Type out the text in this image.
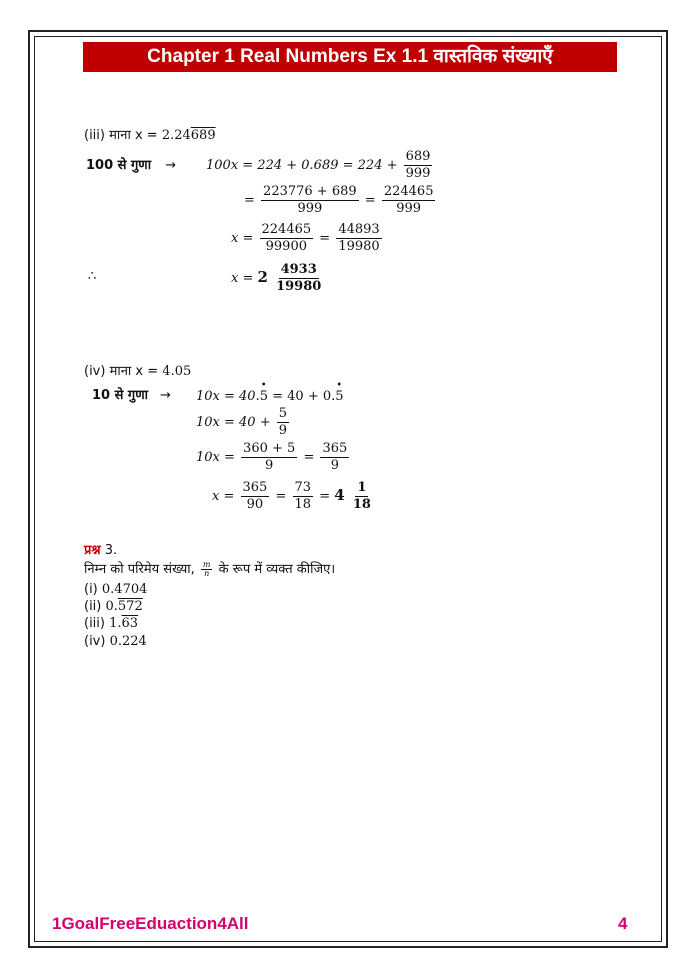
Chapter 1 Real Numbers Ex 1.1 वास्तविक संख्याएँ
(iii) माना x = 2.24689
100 से गुणा → $100x = 224 + 0.689 = 224 + \frac{689}{999}$
= $\frac{223776 + 689}{999} = \frac{224465}{999}$
$x = \frac{224465}{99900} = \frac{44893}{19980}$
∴	$x = 2 \frac{4933}{19980}$
(iv) माना x = 4.05
10 से गुणा → 10x = 40.• 5 = 40 + 0.• 5
$10x = 40 + \frac{5}{9}$
$10x = \frac{360 + 5}{9} = \frac{365}{9}$
$x = \frac{365}{90} = \frac{73}{18} = 4 \frac{1}{18}$
प्रश्न 3.
निम्न को परिमेय संख्या, $\frac{m}{n}$ के रूप में व्यक्त कीजिए।
(i) 0.4704
(ii) 0.572
(iii) 1.63
(iv) 0.224
1GoalFreeEduaction4All	4
